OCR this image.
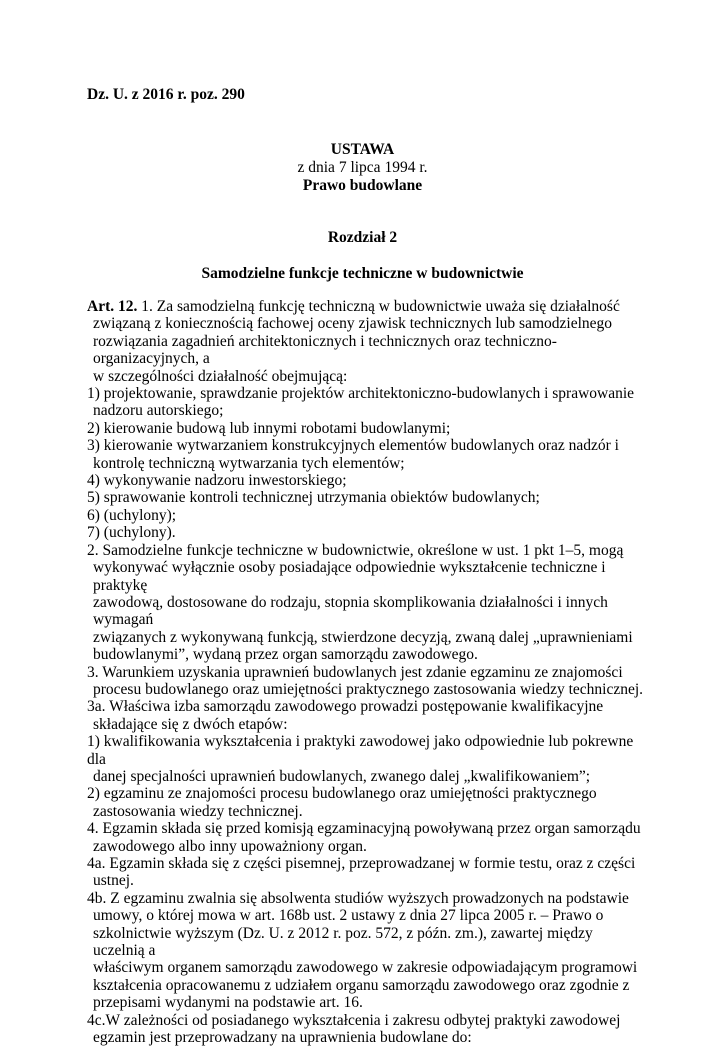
Dz. U. z 2016 r. poz. 290
USTAWA
z dnia 7 lipca 1994 r.
Prawo budowlane
Rozdział 2
Samodzielne funkcje techniczne w budownictwie

Art. 12. 1. Za samodzielną funkcję techniczną w budownictwie uważa się działalność

związaną z koniecznością fachowej oceny zjawisk technicznych lub samodzielnego

rozwiązania zagadnień architektonicznych i technicznych oraz techniczno-organizacyjnych, a

w szczególności działalność obejmującą:

1) projektowanie, sprawdzanie projektów architektoniczno-budowlanych i sprawowanie

nadzoru autorskiego;

2) kierowanie budową lub innymi robotami budowlanymi;

3) kierowanie wytwarzaniem konstrukcyjnych elementów budowlanych oraz nadzór i

kontrolę techniczną wytwarzania tych elementów;

4) wykonywanie nadzoru inwestorskiego;

5) sprawowanie kontroli technicznej utrzymania obiektów budowlanych;

6) (uchylony);

7) (uchylony).

2. Samodzielne funkcje techniczne w budownictwie, określone w ust. 1 pkt 1–5, mogą

wykonywać wyłącznie osoby posiadające odpowiednie wykształcenie techniczne i praktykę

zawodową, dostosowane do rodzaju, stopnia skomplikowania działalności i innych wymagań

związanych z wykonywaną funkcją, stwierdzone decyzją, zwaną dalej „uprawnieniami

budowlanymi”, wydaną przez organ samorządu zawodowego.

3. Warunkiem uzyskania uprawnień budowlanych jest zdanie egzaminu ze znajomości

procesu budowlanego oraz umiejętności praktycznego zastosowania wiedzy technicznej.

3a. Właściwa izba samorządu zawodowego prowadzi postępowanie kwalifikacyjne

składające się z dwóch etapów:

1) kwalifikowania wykształcenia i praktyki zawodowej jako odpowiednie lub pokrewne dla

danej specjalności uprawnień budowlanych, zwanego dalej „kwalifikowaniem”;

2) egzaminu ze znajomości procesu budowlanego oraz umiejętności praktycznego

zastosowania wiedzy technicznej.

4. Egzamin składa się przed komisją egzaminacyjną powoływaną przez organ samorządu

zawodowego albo inny upoważniony organ.

4a. Egzamin składa się z części pisemnej, przeprowadzanej w formie testu, oraz z części

ustnej.

4b. Z egzaminu zwalnia się absolwenta studiów wyższych prowadzonych na podstawie

umowy, o której mowa w art. 168b ust. 2 ustawy z dnia 27 lipca 2005 r. – Prawo o

szkolnictwie wyższym (Dz. U. z 2012 r. poz. 572, z późn. zm.), zawartej między uczelnią a

właściwym organem samorządu zawodowego w zakresie odpowiadającym programowi

kształcenia opracowanemu z udziałem organu samorządu zawodowego oraz zgodnie z

przepisami wydanymi na podstawie art. 16.

4c.W zależności od posiadanego wykształcenia i zakresu odbytej praktyki zawodowej

egzamin jest przeprowadzany na uprawnienia budowlane do:
